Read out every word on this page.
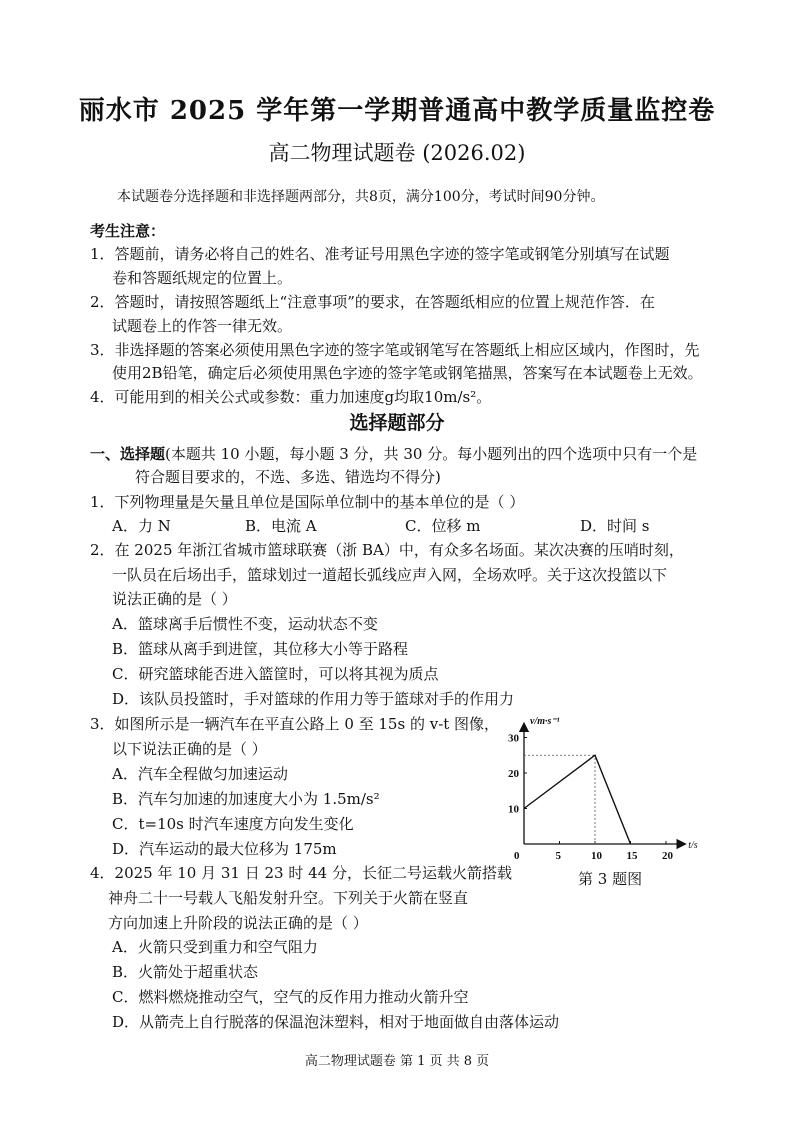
丽水市 2025 学年第一学期普通高中教学质量监控卷
高二物理试题卷 (2026.02)
本试题卷分选择题和非选择题两部分，共8页，满分100分，考试时间90分钟。
考生注意：
1．答题前，请务必将自己的姓名、准考证号用黑色字迹的签字笔或钢笔分别填写在试题
卷和答题纸规定的位置上。
2．答题时，请按照答题纸上“注意事项”的要求，在答题纸相应的位置上规范作答．在
试题卷上的作答一律无效。
3．非选择题的答案必须使用黑色字迹的签字笔或钢笔写在答题纸上相应区域内，作图时，先
使用2B铅笔，确定后必须使用黑色字迹的签字笔或钢笔描黑，答案写在本试题卷上无效。
4．可能用到的相关公式或参数：重力加速度g均取10m/s²。
选择题部分
一、选择题(本题共 10 小题，每小题 3 分，共 30 分。每小题列出的四个选项中只有一个是
符合题目要求的，不选、多选、错选均不得分)
1．下列物理量是矢量且单位是国际单位制中的基本单位的是（ ）
A．力 N	B．电流 A	C．位移 m	D．时间 s
2．在 2025 年浙江省城市篮球联赛（浙 BA）中，有众多名场面。某次决赛的压哨时刻，
一队员在后场出手，篮球划过一道超长弧线应声入网，全场欢呼。关于这次投篮以下
说法正确的是（ ）
A．篮球离手后惯性不变，运动状态不变
B．篮球从离手到进筐，其位移大小等于路程
C．研究篮球能否进入篮筐时，可以将其视为质点
D．该队员投篮时，手对篮球的作用力等于篮球对手的作用力
3．如图所示是一辆汽车在平直公路上 0 至 15s 的 v-t 图像，
以下说法正确的是（ ）
A．汽车全程做匀加速运动
B．汽车匀加速的加速度大小为 1.5m/s²
C．t=10s 时汽车速度方向发生变化
D．汽车运动的最大位移为 175m
v/m·s⁻¹
t/s
0	5	10 15 20
10
20
30
第 3 题图
4．2025 年 10 月 31 日 23 时 44 分，长征二号运载火箭搭载
神舟二十一号载人飞船发射升空。下列关于火箭在竖直
方向加速上升阶段的说法正确的是（ ）
A．火箭只受到重力和空气阻力
B．火箭处于超重状态
C．燃料燃烧推动空气，空气的反作用力推动火箭升空
D．从箭壳上自行脱落的保温泡沫塑料，相对于地面做自由落体运动
高二物理试题卷 第 1 页 共 8 页
